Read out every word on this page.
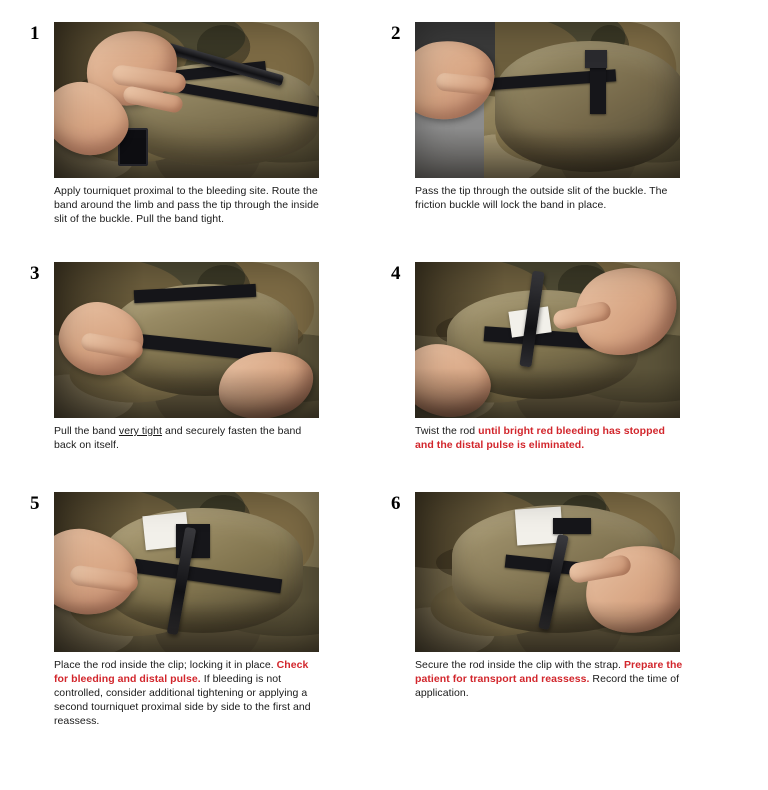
1
Apply tourniquet proximal to the bleeding site. Route the band around the limb and pass the tip through the inside slit of the buckle. Pull the band tight.
2
Pass the tip through the outside slit of the buckle. The friction buckle will lock the band in place.
3
Pull the band very tight and securely fasten the band back on itself.
4
Twist the rod until bright red bleeding has stopped and the distal pulse is eliminated.
5
Place the rod inside the clip; locking it in place. Check for bleeding and distal pulse. If bleeding is not controlled, consider additional tightening or applying a second tourniquet proximal side by side to the first and reassess.
6
Secure the rod inside the clip with the strap. Prepare the patient for transport and reassess. Record the time of application.
